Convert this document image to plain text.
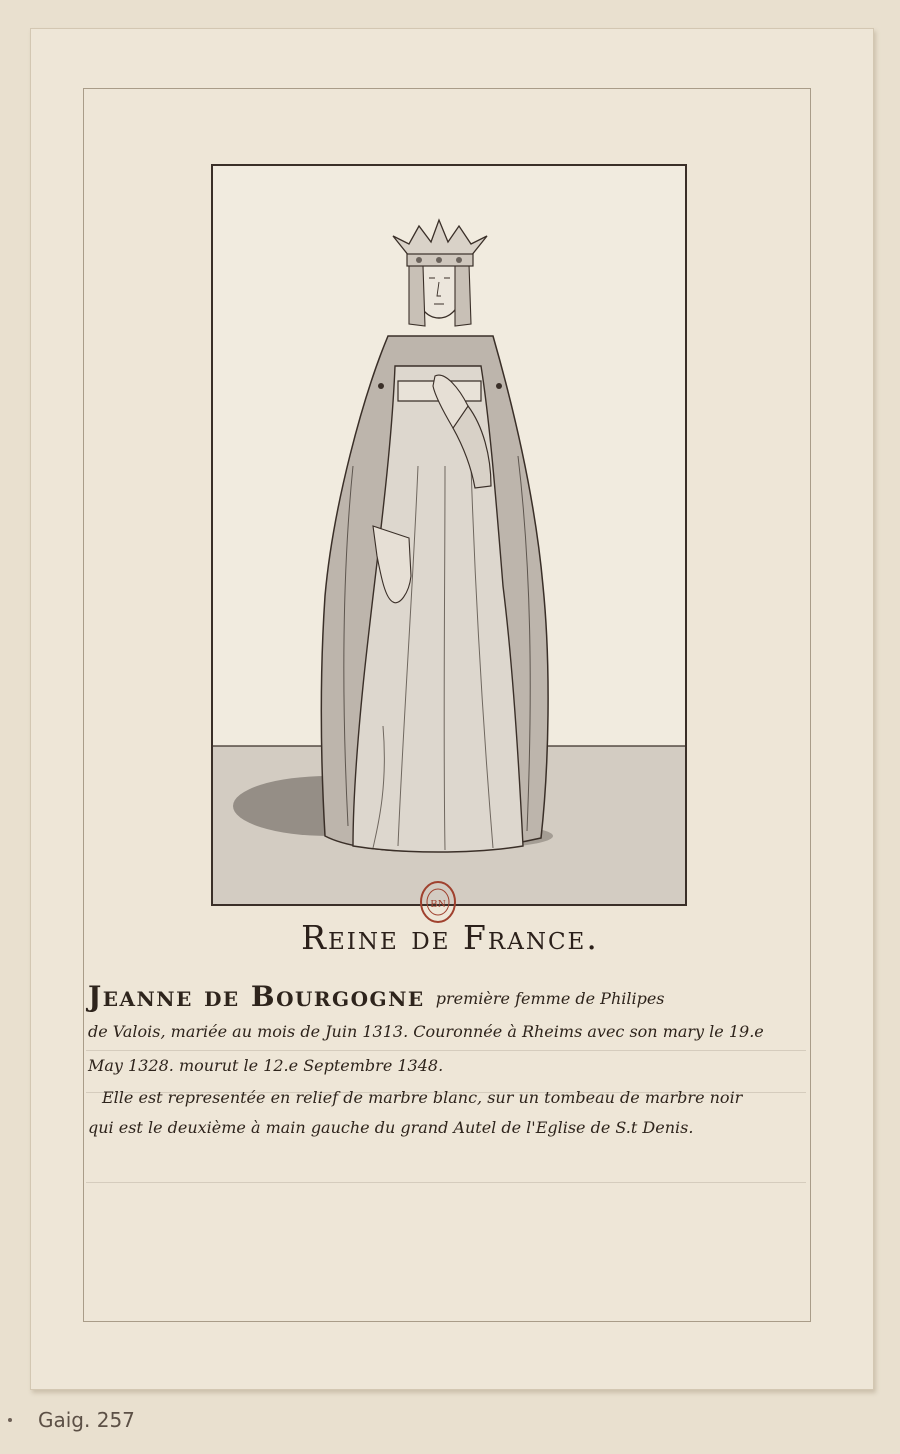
BN
Reine de France.
Jeanne de Bourgogne première femme de Philipes
de Valois, mariée au mois de Juin 1313. Couronnée à Rheims avec son mary le 19.e
May 1328. mourut le 12.e Septembre 1348.
Elle est representée en relief de marbre blanc, sur un tombeau de marbre noir
qui est le deuxième à main gauche du grand Autel de l'Eglise de S.t Denis.
Gaig. 257
